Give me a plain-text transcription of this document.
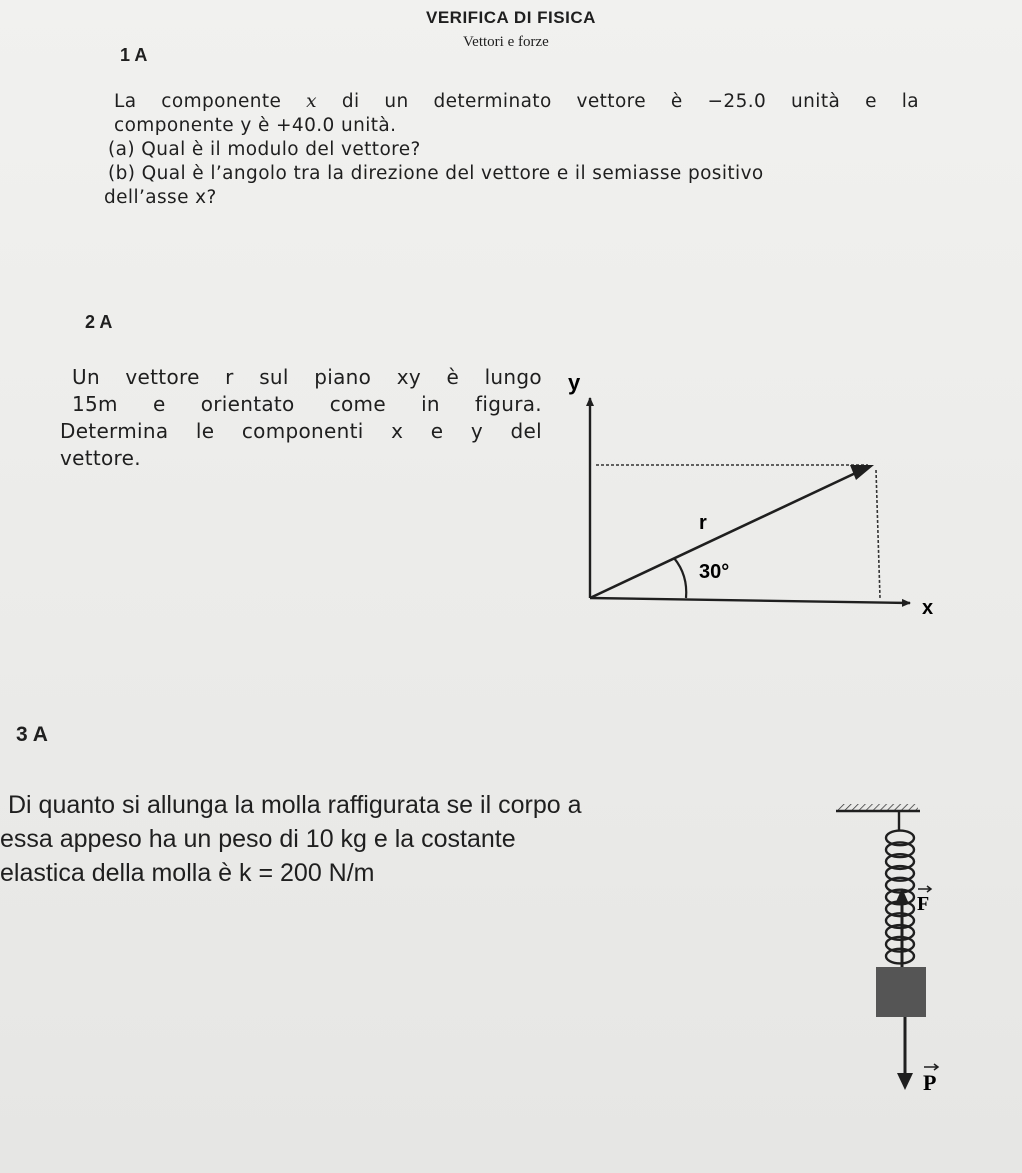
VERIFICA DI FISICA
Vettori e forze
1 A
La componente x di un determinato vettore è −25.0 unità e la
componente y è +40.0 unità.
(a) Qual è il modulo del vettore?
(b) Qual è l’angolo tra la direzione del vettore e il semiasse positivo
dell’asse x?
2 A
Un vettore r sul piano xy è lungo
15m e orientato come in figura.
Determina le componenti x e y del
vettore.
y
x
r
30°
3 A
Di quanto si allunga la molla raffigurata se il corpo a
essa appeso ha un peso di 10 kg e la costante
elastica della molla è k = 200 N/m
F
P
